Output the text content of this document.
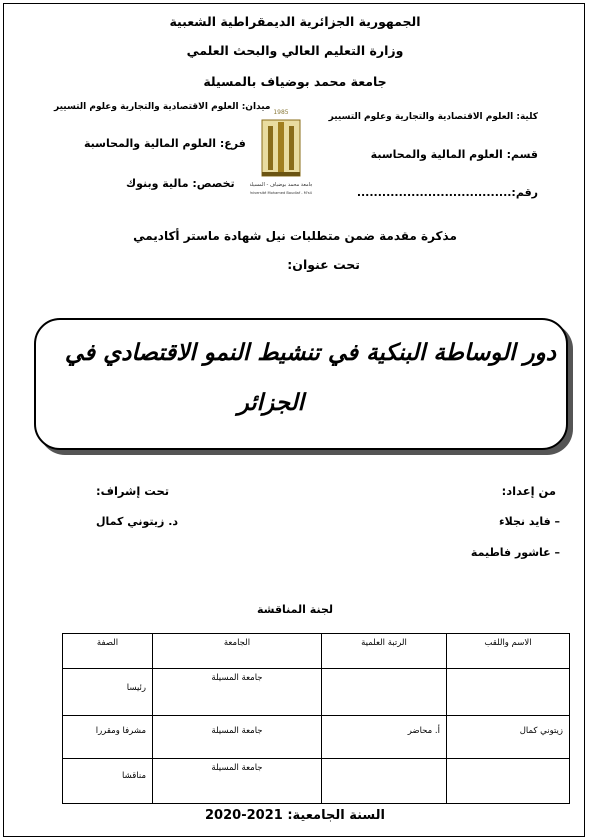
الجمهورية الجزائرية الديمقراطية الشعبية
وزارة التعليم العالي والبحث العلمي
جامعة محمد بوضياف بالمسيلة
كلية: العلوم الاقتصادية والتجارية وعلوم التسيير
قسم: العلوم المالية والمحاسبة
رقم:.....................................
ميدان: العلوم الاقتصادية والتجارية وعلوم التسيير
فرع: العلوم المالية والمحاسبة
تخصص: مالية وبنوك
1985
جامعة محمد بوضياف - المسيلة
Université Mohamed Boudiaf - M'sila
مذكرة مقدمة ضمن متطلبات نيل شهادة ماستر أكاديمي
تحت عنوان:
دور الوساطة البنكية في تنشيط النمو الاقتصادي في
الجزائر
من إعداد:
– فايد نجلاء
– عاشور فاطيمة
تحت إشراف:
د. زيتوني كمال
لجنة المناقشة
الاسم واللقب	الرتبة العلمية	الجامعة	الصفة
		جامعة المسيلة	رئيسا
زيتوني كمال	أ. محاضر	جامعة المسيلة	مشرفا ومقررا
		جامعة المسيلة	مناقشا
السنة الجامعية: 2021-2020
